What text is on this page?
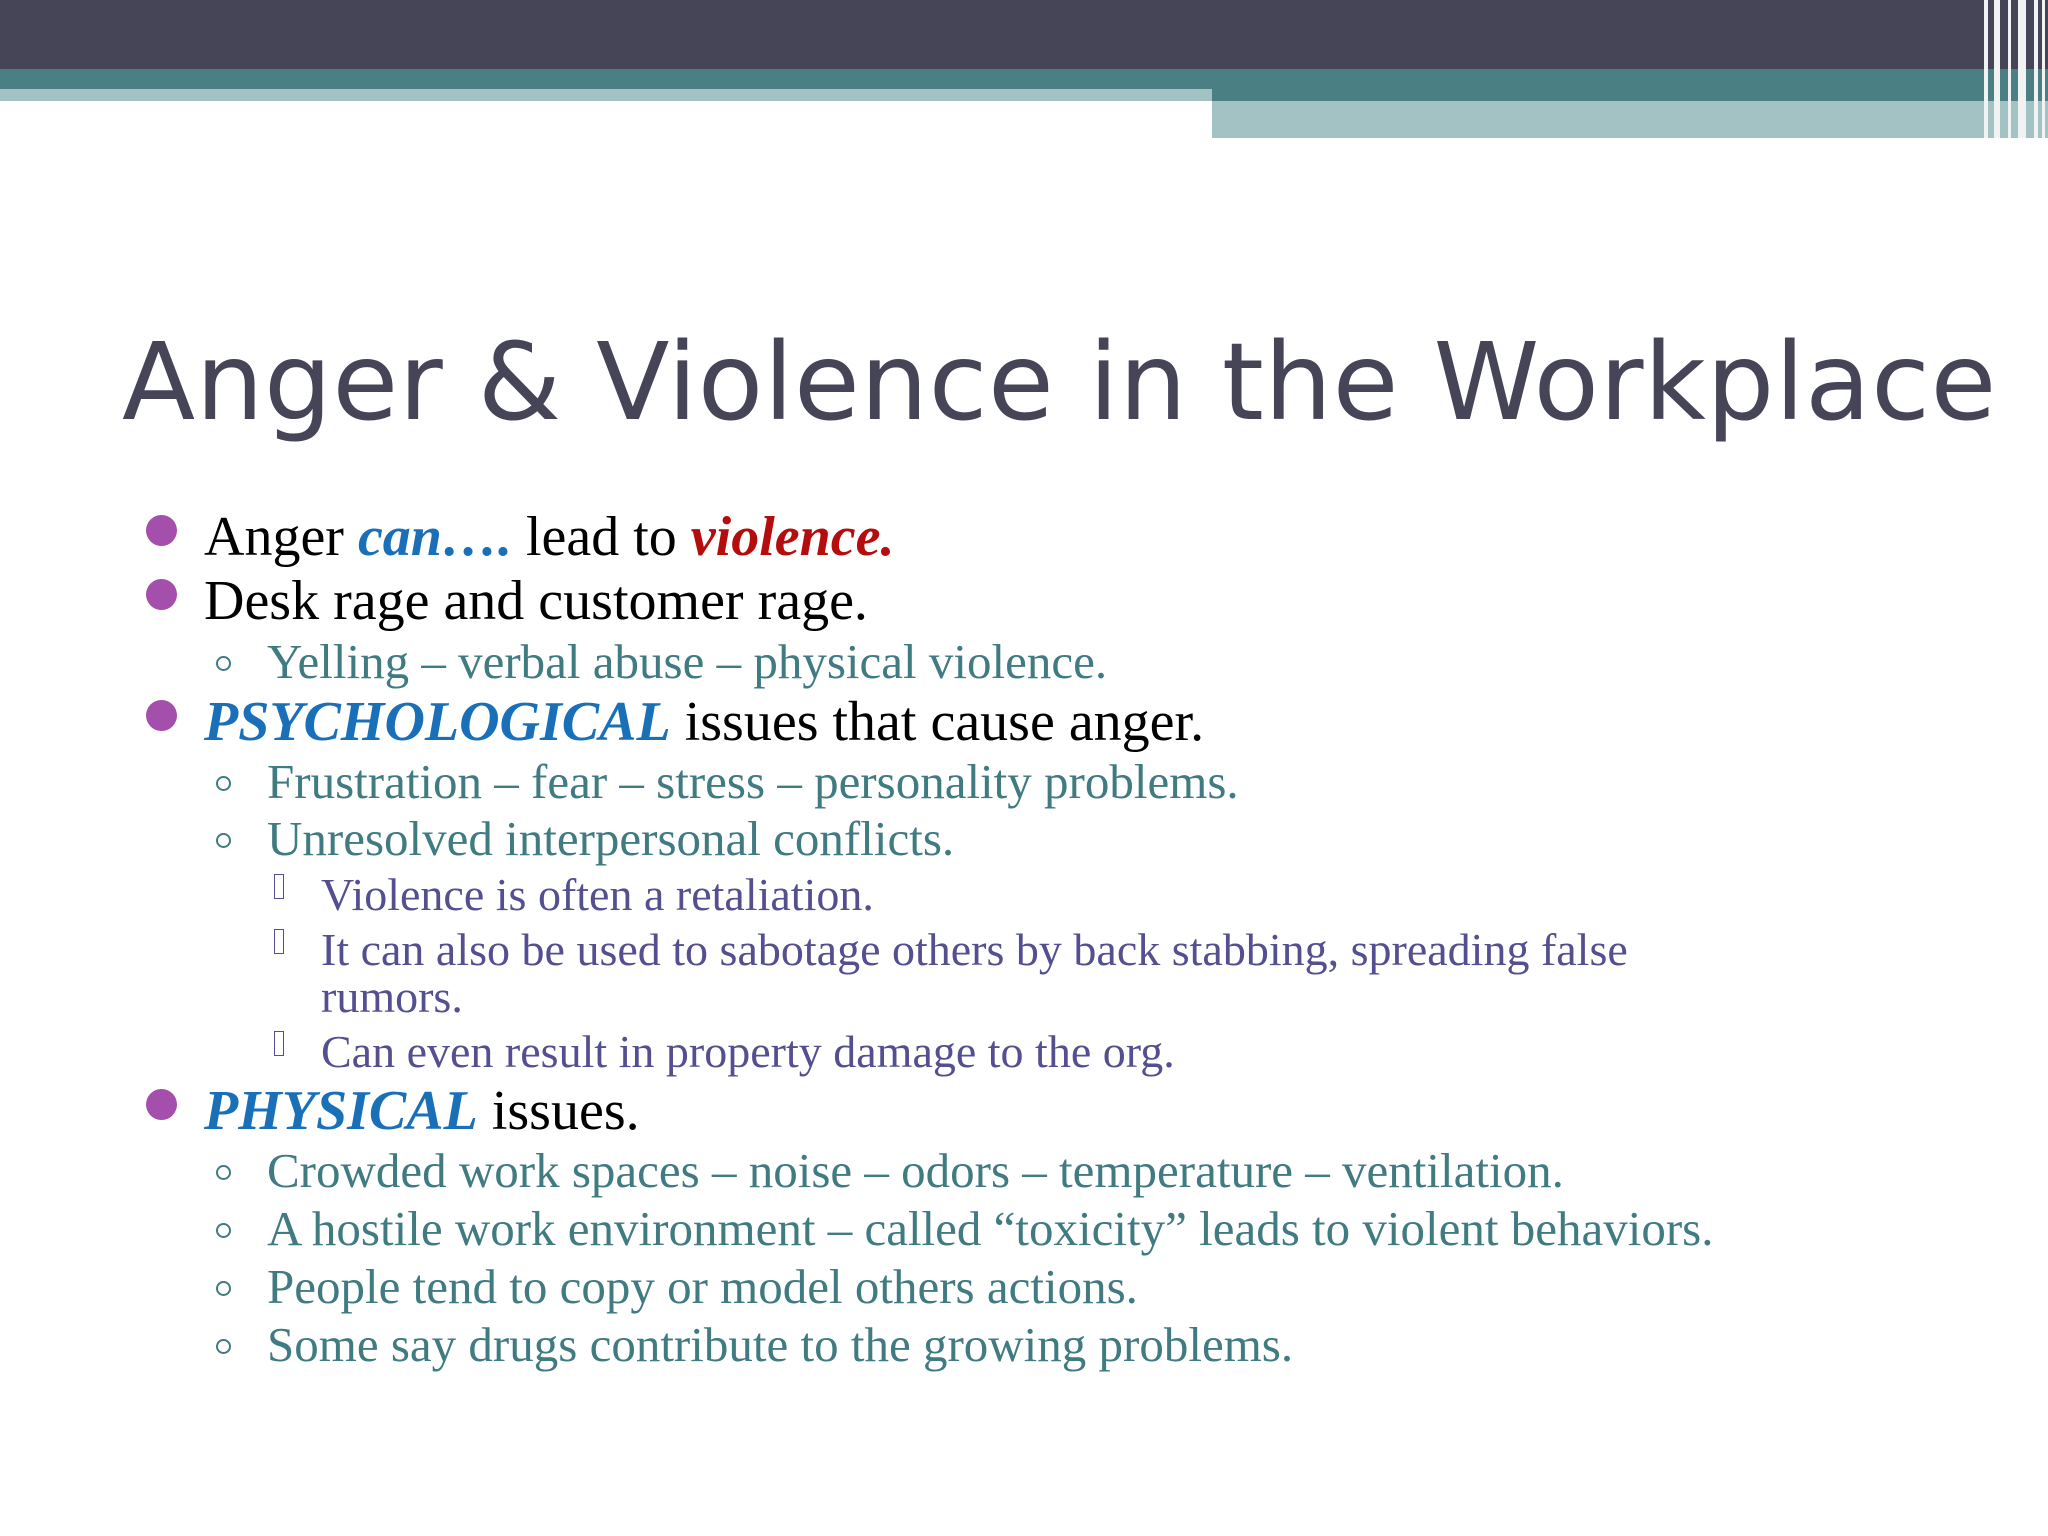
Anger & Violence in the Workplace
Anger can…. lead to violence.
Desk rage and customer rage.
Yelling – verbal abuse – physical violence.
PSYCHOLOGICAL issues that cause anger.
Frustration – fear – stress – personality problems.
Unresolved interpersonal conflicts.
Violence is often a retaliation.
It can also be used to sabotage others by back stabbing, spreading false
rumors.
Can even result in property damage to the org.
PHYSICAL issues.
Crowded work spaces – noise – odors – temperature – ventilation.
A hostile work environment – called “toxicity” leads to violent behaviors.
People tend to copy or model others actions.
Some say drugs contribute to the growing problems.
